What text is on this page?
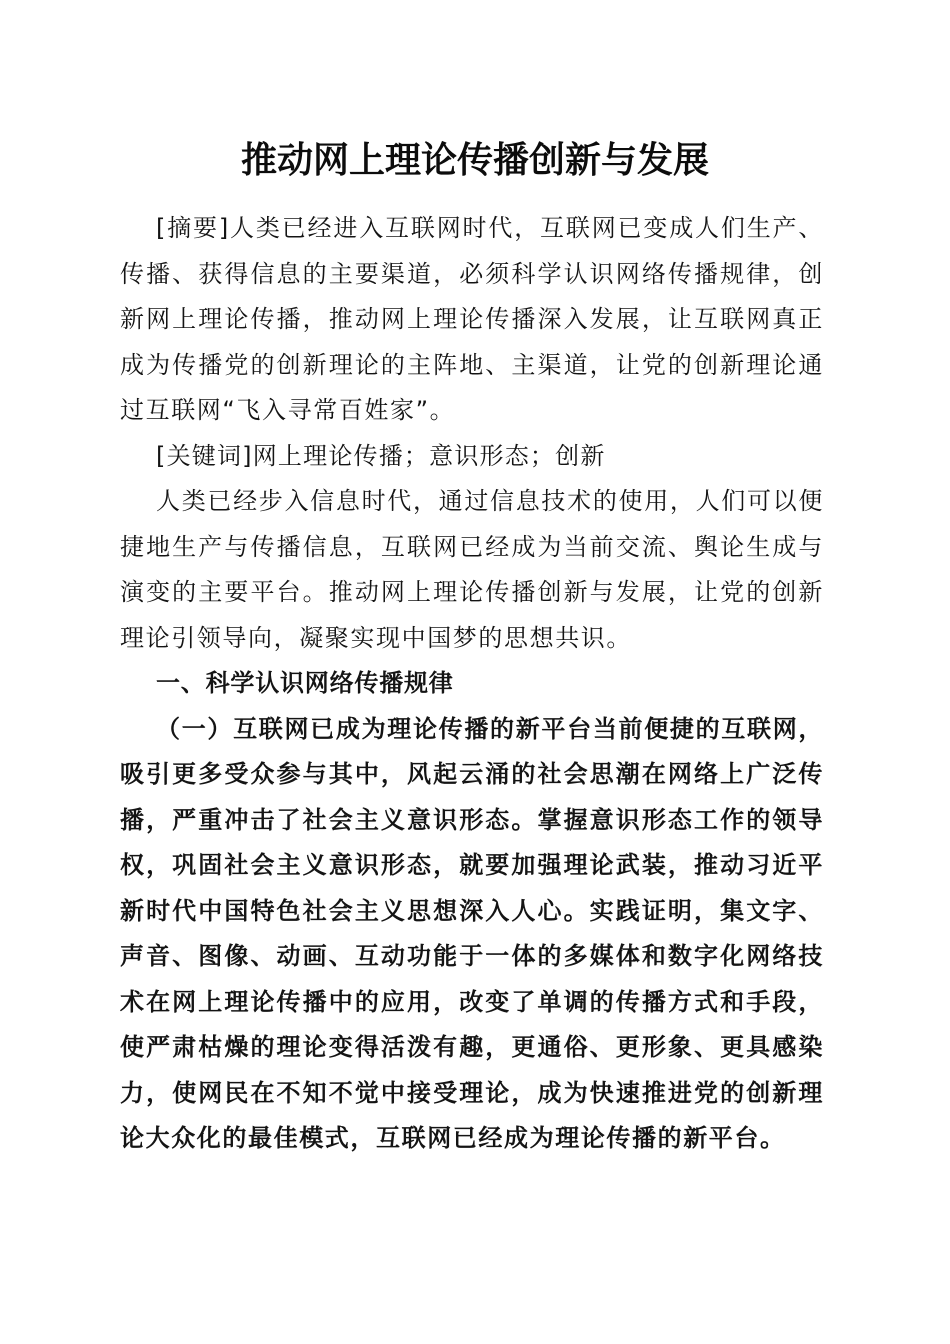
推动网上理论传播创新与发展

[摘要]人类已经进入互联网时代，互联网已变成人们生产、传播、获得信息的主要渠道，必须科学认识网络传播规律，创新网上理论传播，推动网上理论传播深入发展，让互联网真正成为传播党的创新理论的主阵地、主渠道，让党的创新理论通过互联网“飞入寻常百姓家”。

[关键词]网上理论传播；意识形态；创新

人类已经步入信息时代，通过信息技术的使用，人们可以便捷地生产与传播信息，互联网已经成为当前交流、舆论生成与演变的主要平台。推动网上理论传播创新与发展，让党的创新理论引领导向，凝聚实现中国梦的思想共识。

一、科学认识网络传播规律

（一）互联网已成为理论传播的新平台当前便捷的互联网，吸引更多受众参与其中，风起云涌的社会思潮在网络上广泛传播，严重冲击了社会主义意识形态。掌握意识形态工作的领导权，巩固社会主义意识形态，就要加强理论武装，推动习近平新时代中国特色社会主义思想深入人心。实践证明，集文字、声音、图像、动画、互动功能于一体的多媒体和数字化网络技术在网上理论传播中的应用，改变了单调的传播方式和手段，使严肃枯燥的理论变得活泼有趣，更通俗、更形象、更具感染力，使网民在不知不觉中接受理论，成为快速推进党的创新理论大众化的最佳模式，互联网已经成为理论传播的新平台。
